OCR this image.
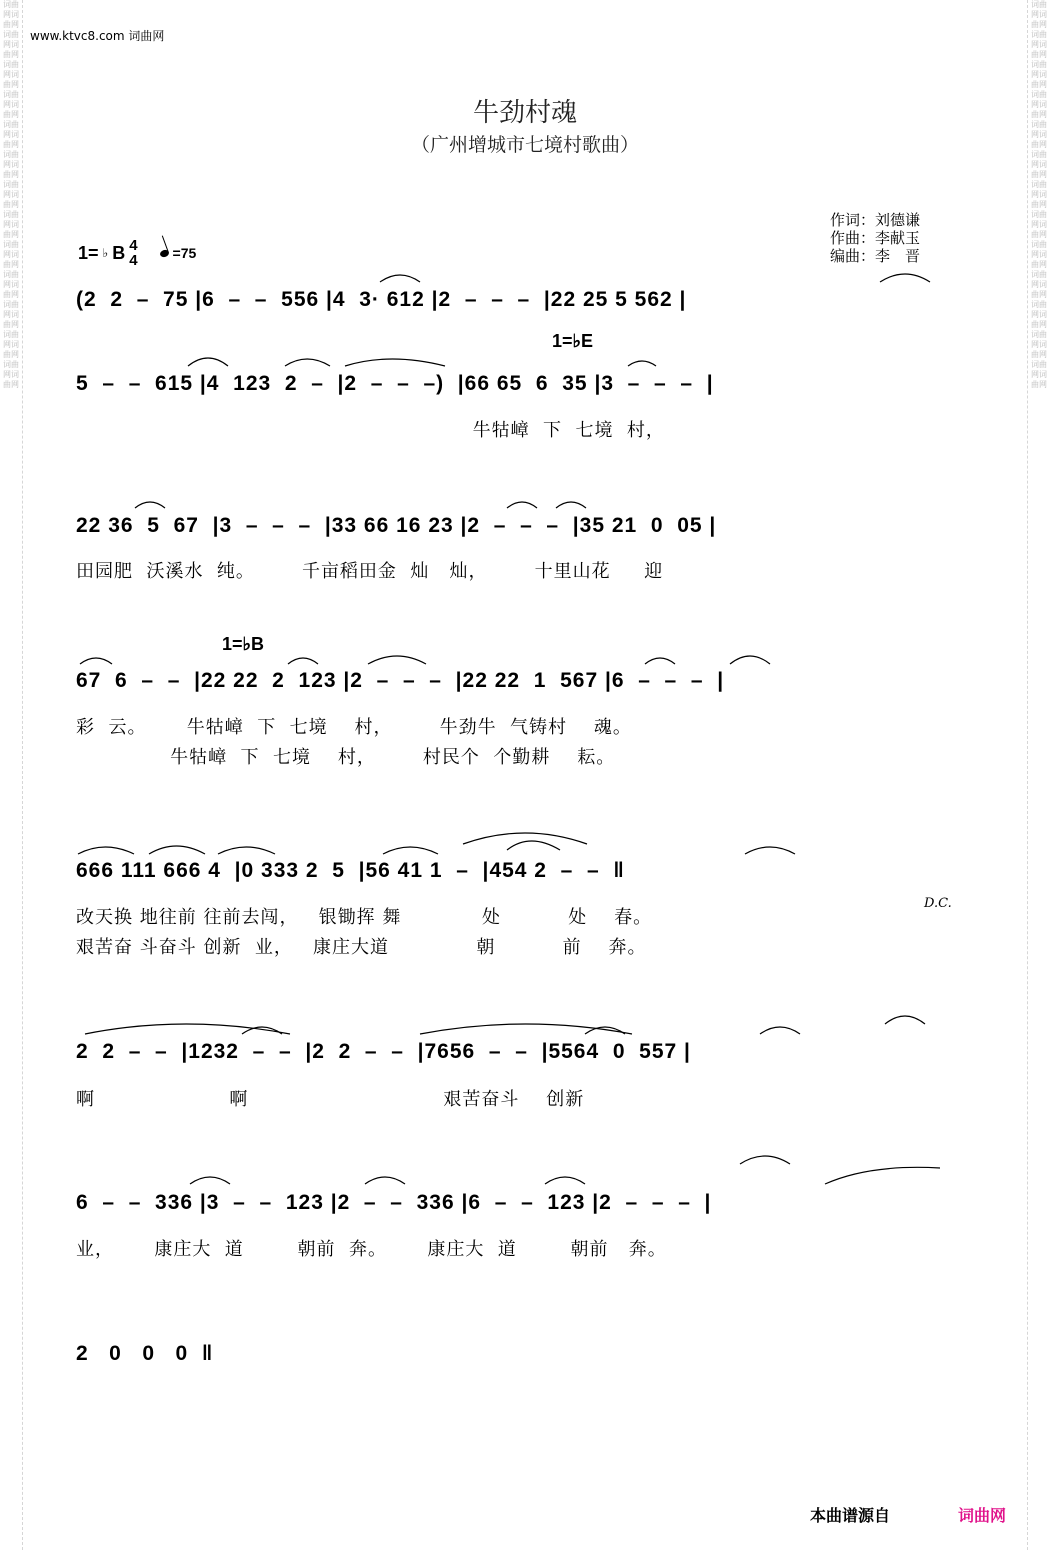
词曲网词曲网词曲网词曲网词曲网词曲网词曲网词曲网词曲网词曲网词曲网词曲网词曲网词曲网词曲网词曲网词曲网词曲网词曲网词曲网词曲网词曲网词曲网词曲网词曲网词曲网
词曲网词曲网词曲网词曲网词曲网词曲网词曲网词曲网词曲网词曲网词曲网词曲网词曲网词曲网词曲网词曲网词曲网词曲网词曲网词曲网词曲网词曲网词曲网词曲网词曲网词曲网
www.ktvc8.com 词曲网
牛劲村魂
（广州增城市七境村歌曲）
作词：刘德谦
作曲：李献玉
编曲：李　晋
1= ♭ B 4
4	=75
1=♭E
1=♭B
(2  2  –  75 |6  –  –  556 |4  3· 612 |2  –  –  –  |22 25 5 562 |
5  –  –  615 |4  123  2  –  |2  –  –  –)  |66 65  6  35 |3  –  –  –  |
牛牯嶂  下  七境  村，
22 36  5  67  |3  –  –  –  |33 66 16 23 |2  –  –  –  |35 21  0  05 |
田园肥  沃溪水  纯。       千亩稻田金  灿   灿，       十里山花     迎
67  6  –  –  |22 22  2  123 |2  –  –  –  |22 22  1  567 |6  –  –  –  |
彩  云。      牛牯嶂  下  七境    村，       牛劲牛  气铸村    魂。
牛牯嶂  下  七境    村，       村民个  个勤耕    耘。
666 111 666 4  |0 333 2  5  |56 41 1  –  |454 2  –  –  ‖
改天换 地往前 往前去闯，   银锄挥 舞            处          处    春。
艰苦奋 斗奋斗 创新  业，   康庄大道             朝          前    奔。
D.C.
2  2  –  –  |1232  –  –  |2  2  –  –  |7656  –  –  |5564  0  557 |
啊                    啊                             艰苦奋斗    创新
6  –  –  336 |3  –  –  123 |2  –  –  336 |6  –  –  123 |2  –  –  –  |
业，      康庄大  道        朝前  奔。      康庄大  道        朝前   奔。
2   0   0   0  ‖
本曲谱源自	词曲网
